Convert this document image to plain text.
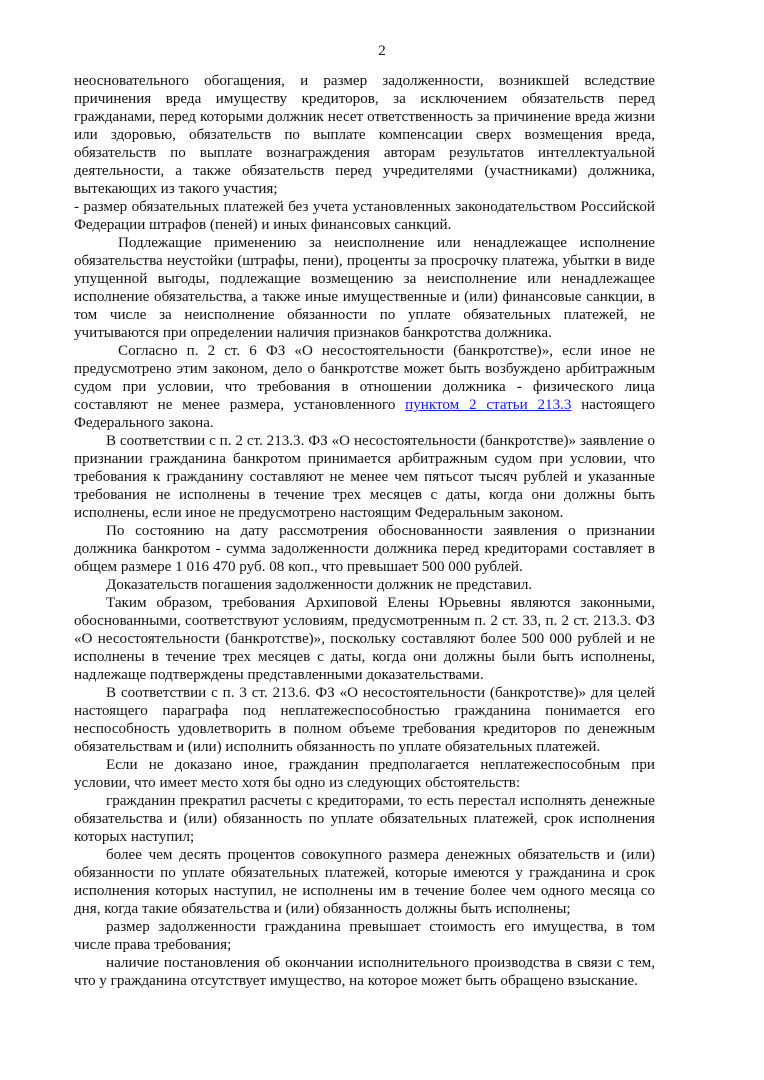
2

неосновательного обогащения, и размер задолженности, возникшей вследствие причинения вреда имуществу кредиторов, за исключением обязательств перед гражданами, перед которыми должник несет ответственность за причинение вреда жизни или здоровью, обязательств по выплате компенсации сверх возмещения вреда, обязательств по выплате вознаграждения авторам результатов интеллектуальной деятельности, а также обязательств перед учредителями (участниками) должника, вытекающих из такого участия;

- размер обязательных платежей без учета установленных законодательством Российской Федерации штрафов (пеней) и иных финансовых санкций.

Подлежащие применению за неисполнение или ненадлежащее исполнение обязательства неустойки (штрафы, пени), проценты за просрочку платежа, убытки в виде упущенной выгоды, подлежащие возмещению за неисполнение или ненадлежащее исполнение обязательства, а также иные имущественные и (или) финансовые санкции, в том числе за неисполнение обязанности по уплате обязательных платежей, не учитываются при определении наличия признаков банкротства должника.

Согласно п. 2 ст. 6 ФЗ «О несостоятельности (банкротстве)», если иное не предусмотрено этим законом, дело о банкротстве может быть возбуждено арбитражным судом при условии, что требования в отношении должника - физического лица составляют не менее размера, установленного пунктом 2 статьи 213.3 настоящего Федерального закона.

В соответствии с п. 2 ст. 213.3. ФЗ «О несостоятельности (банкротстве)» заявление о признании гражданина банкротом принимается арбитражным судом при условии, что требования к гражданину составляют не менее чем пятьсот тысяч рублей и указанные требования не исполнены в течение трех месяцев с даты, когда они должны быть исполнены, если иное не предусмотрено настоящим Федеральным законом.

По состоянию на дату рассмотрения обоснованности заявления о признании должника банкротом - сумма задолженности должника перед кредиторами составляет в общем размере 1 016 470 руб. 08 коп., что превышает 500 000 рублей.

Доказательств погашения задолженности должник не представил.

Таким образом, требования Архиповой Елены Юрьевны являются законными, обоснованными, соответствуют условиям, предусмотренным п. 2 ст. 33, п. 2 ст. 213.3. ФЗ «О несостоятельности (банкротстве)», поскольку составляют более 500 000 рублей и не исполнены в течение трех месяцев с даты, когда они должны были быть исполнены, надлежаще подтверждены представленными доказательствами.

В соответствии с п. 3 ст. 213.6. ФЗ «О несостоятельности (банкротстве)» для целей настоящего параграфа под неплатежеспособностью гражданина понимается его неспособность удовлетворить в полном объеме требования кредиторов по денежным обязательствам и (или) исполнить обязанность по уплате обязательных платежей.

Если не доказано иное, гражданин предполагается неплатежеспособным при условии, что имеет место хотя бы одно из следующих обстоятельств:

гражданин прекратил расчеты с кредиторами, то есть перестал исполнять денежные обязательства и (или) обязанность по уплате обязательных платежей, срок исполнения которых наступил;

более чем десять процентов совокупного размера денежных обязательств и (или) обязанности по уплате обязательных платежей, которые имеются у гражданина и срок исполнения которых наступил, не исполнены им в течение более чем одного месяца со дня, когда такие обязательства и (или) обязанность должны быть исполнены;

размер задолженности гражданина превышает стоимость его имущества, в том числе права требования;

наличие постановления об окончании исполнительного производства в связи с тем, что у гражданина отсутствует имущество, на которое может быть обращено взыскание.
